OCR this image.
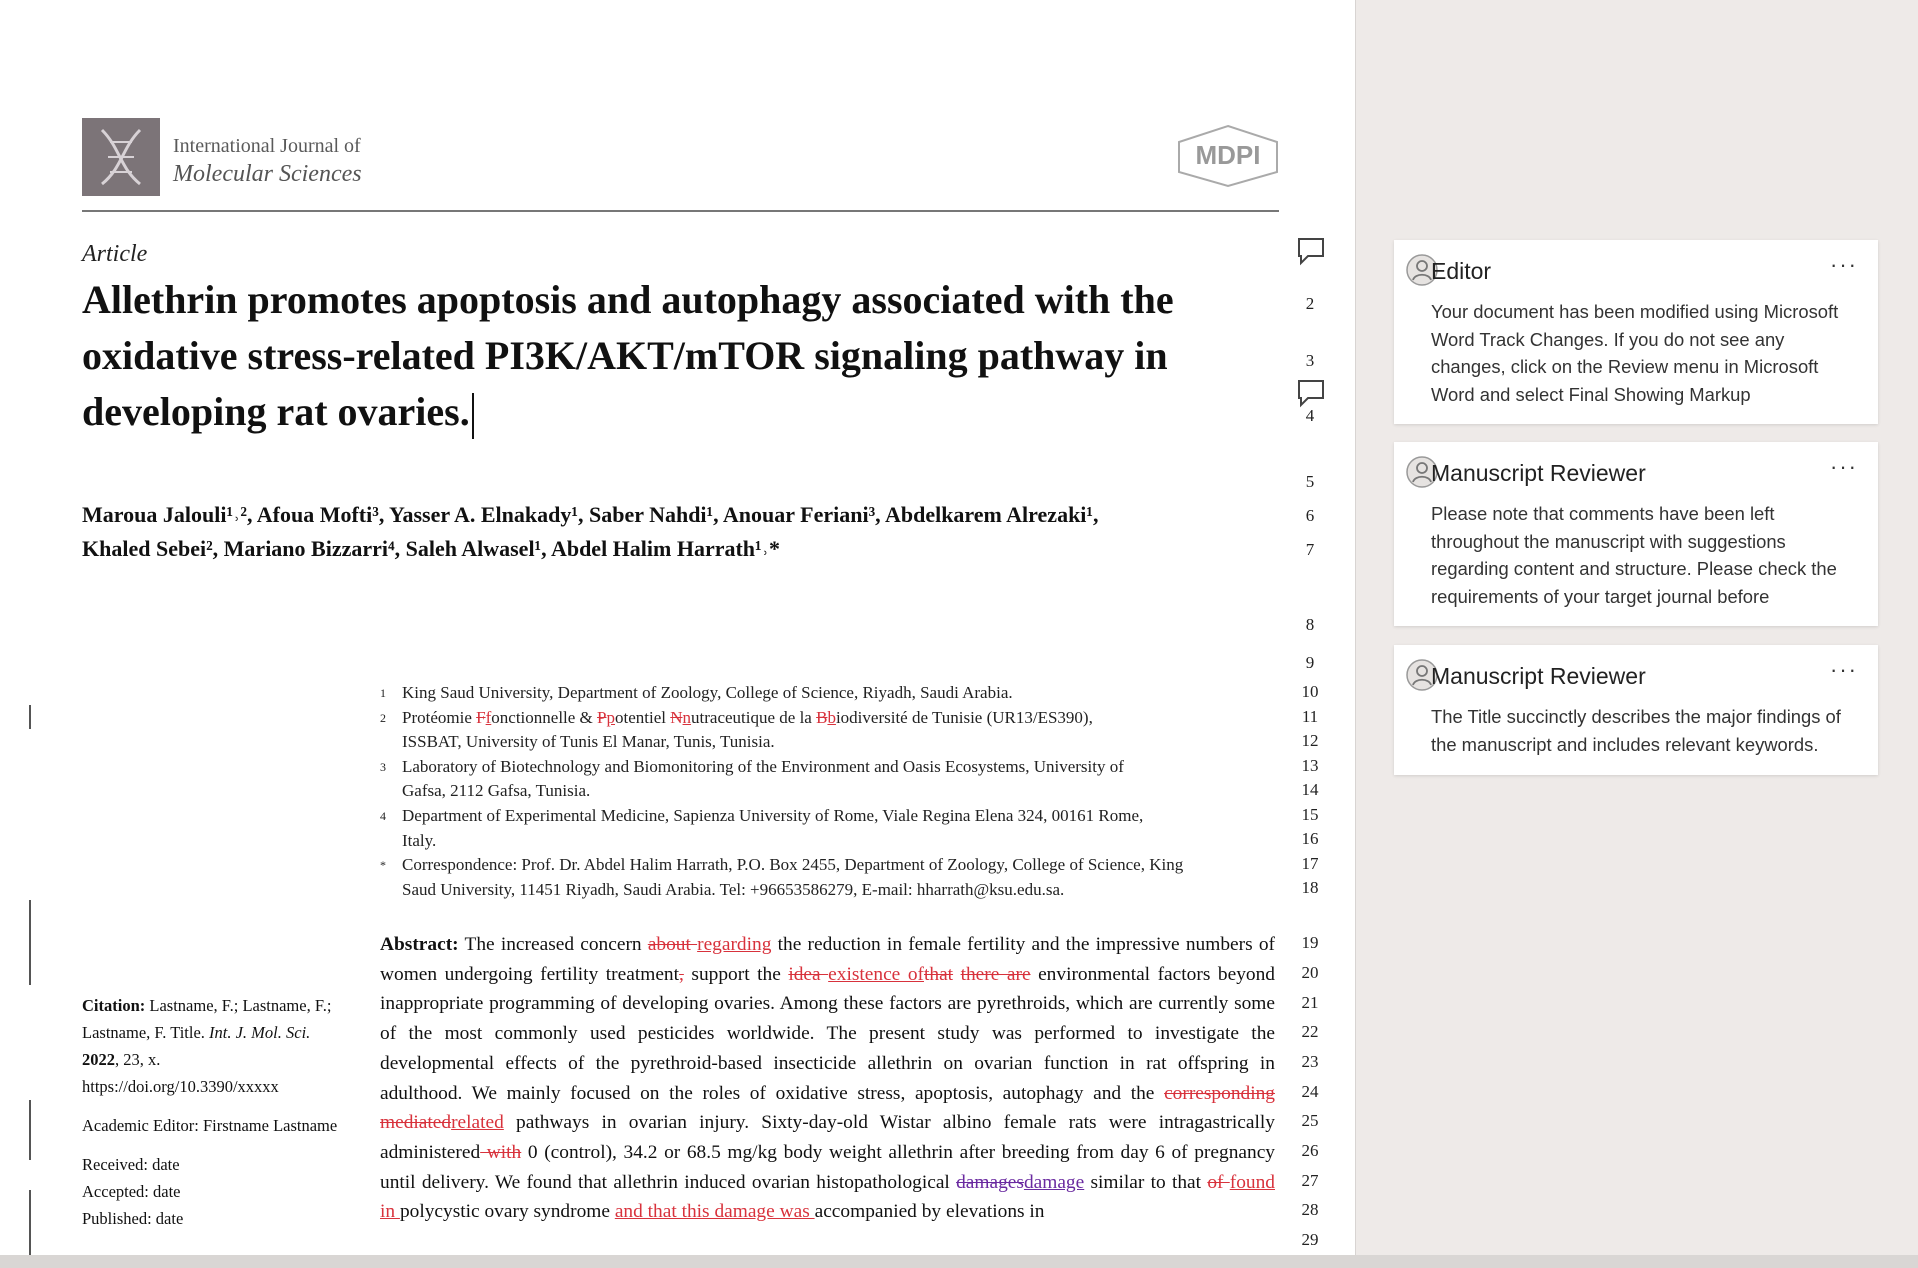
International Journal of
Molecular Sciences
MDPI
Article
Allethrin promotes apoptosis and autophagy associated with the oxidative stress-related PI3K/AKT/mTOR signaling pathway in developing rat ovaries.
Maroua Jalouli¹˒², Afoua Mofti³, Yasser A. Elnakady¹, Saber Nahdi¹, Anouar Feriani³, Abdelkarem Alrezaki¹,
Khaled Sebei², Mariano Bizzarri⁴, Saleh Alwasel¹, Abdel Halim Harrath¹˒*
1 King Saud University, Department of Zoology, College of Science, Riyadh, Saudi Arabia.
2 Protéomie Ffonctionnelle & Ppotentiel Nnutraceutique de la Bbiodiversité de Tunisie (UR13/ES390),
ISSBAT, University of Tunis El Manar, Tunis, Tunisia.
3 Laboratory of Biotechnology and Biomonitoring of the Environment and Oasis Ecosystems, University of
Gafsa, 2112 Gafsa, Tunisia.
4 Department of Experimental Medicine, Sapienza University of Rome, Viale Regina Elena 324, 00161 Rome,
Italy.
* Correspondence: Prof. Dr. Abdel Halim Harrath, P.O. Box 2455, Department of Zoology, College of Science, King
Saud University, 11451 Riyadh, Saudi Arabia. Tel: +96653586279, E-mail: hharrath@ksu.edu.sa.
Abstract: The increased concern about regarding the reduction in female fertility and the impressive numbers of women undergoing fertility treatment, support the idea existence ofthat there are environmental factors beyond inappropriate programming of developing ovaries. Among these factors are pyrethroids, which are currently some of the most commonly used pesticides worldwide. The present study was performed to investigate the developmental effects of the pyrethroid-based insecticide allethrin on ovarian function in rat offspring in adulthood. We mainly focused on the roles of oxidative stress, apoptosis, autophagy and the corresponding mediatedrelated pathways in ovarian injury. Sixty-day-old Wistar albino female rats were intragastrically administered with 0 (control), 34.2 or 68.5 mg/kg body weight allethrin after breeding from day 6 of pregnancy until delivery. We found that allethrin induced ovarian histopathological damagesdamage similar to that of found in polycystic ovary syndrome and that this damage was accompanied by elevations in

Citation: Lastname, F.; Lastname, F.; Lastname, F. Title. Int. J. Mol. Sci.
2022, 23, x.
https://doi.org/10.3390/xxxxx

Academic Editor: Firstname Lastname

Received: date
Accepted: date
Published: date
2
3
4
5
6
7
8
9
10
11
12
13
14
15
16
17
18
19
20
21
22
23
24
25
26
27
28
29
Editor	···
Your document has been modified using Microsoft Word Track Changes. If you do not see any changes, click on the Review menu in Microsoft Word and select Final Showing Markup
Manuscript Reviewer	···
Please note that comments have been left throughout the manuscript with suggestions regarding content and structure. Please check the requirements of your target journal before
Manuscript Reviewer	···
The Title succinctly describes the major findings of the manuscript and includes relevant keywords.
